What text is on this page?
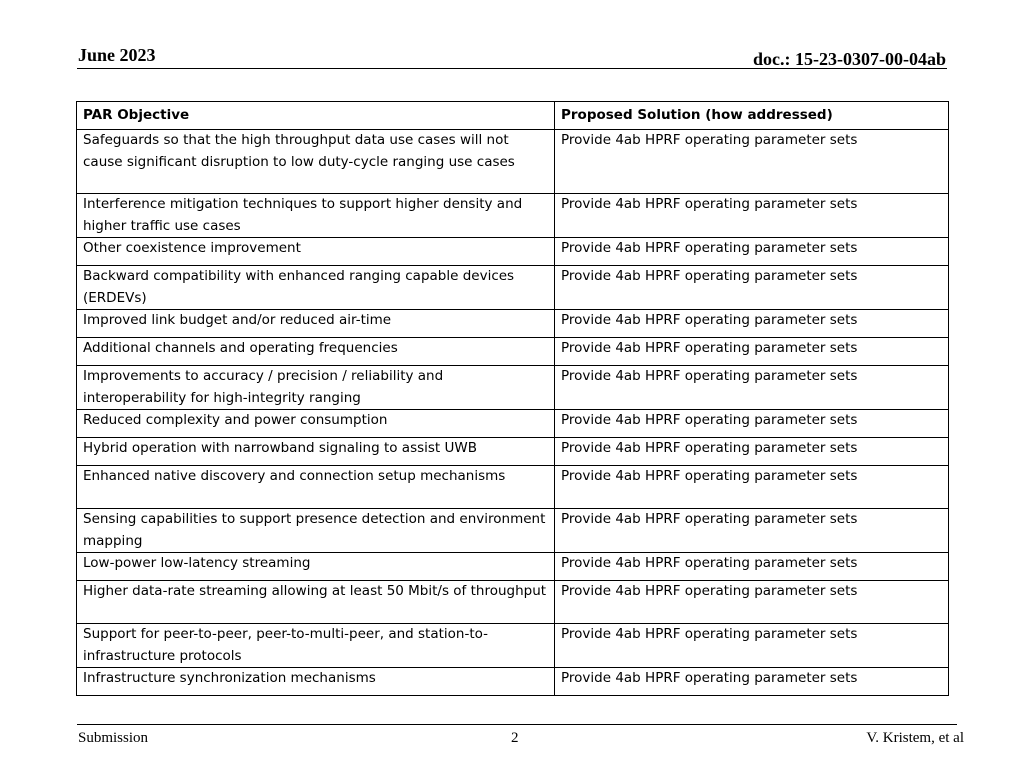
June 2023	doc.: 15-23-0307-00-04ab
PAR Objective	Proposed Solution (how addressed)
Safeguards so that the high throughput data use cases will not cause significant disruption to low duty-cycle ranging use cases	Provide 4ab HPRF operating parameter sets
Interference mitigation techniques to support higher density and higher traffic use cases	Provide 4ab HPRF operating parameter sets
Other coexistence improvement	Provide 4ab HPRF operating parameter sets
Backward compatibility with enhanced ranging capable devices (ERDEVs)	Provide 4ab HPRF operating parameter sets
Improved link budget and/or reduced air-time	Provide 4ab HPRF operating parameter sets
Additional channels and operating frequencies	Provide 4ab HPRF operating parameter sets
Improvements to accuracy / precision / reliability and interoperability for high-integrity ranging	Provide 4ab HPRF operating parameter sets
Reduced complexity and power consumption	Provide 4ab HPRF operating parameter sets
Hybrid operation with narrowband signaling to assist UWB	Provide 4ab HPRF operating parameter sets
Enhanced native discovery and connection setup mechanisms	Provide 4ab HPRF operating parameter sets
Sensing capabilities to support presence detection and environment mapping	Provide 4ab HPRF operating parameter sets
Low-power low-latency streaming	Provide 4ab HPRF operating parameter sets
Higher data-rate streaming allowing at least 50 Mbit/s of throughput	Provide 4ab HPRF operating parameter sets
Support for peer-to-peer, peer-to-multi-peer, and station-to-infrastructure protocols	Provide 4ab HPRF operating parameter sets
Infrastructure synchronization mechanisms	Provide 4ab HPRF operating parameter sets
Submission	2	V. Kristem, et al
